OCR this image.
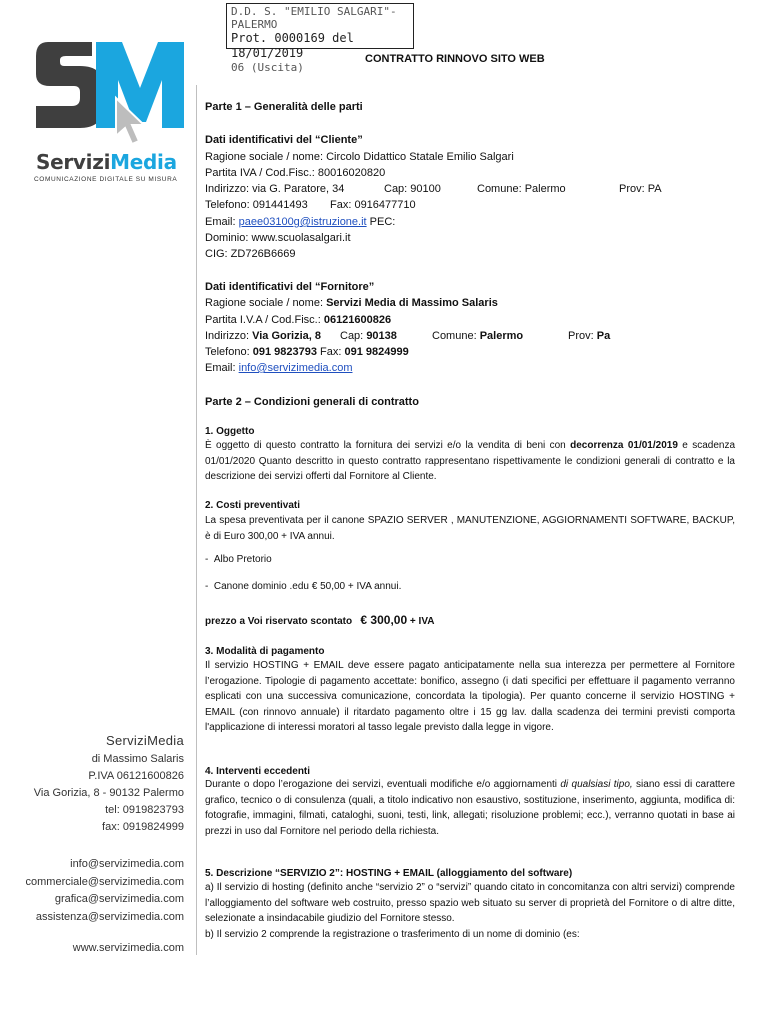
D.D. S. "EMILIO SALGARI"-PALERMO
Prot. 0000169 del 18/01/2019
06 (Uscita)
ServiziMedia
COMUNICAZIONE DIGITALE SU MISURA
ServiziMedia
di Massimo Salaris
P.IVA 06121600826
Via Gorizia, 8 - 90132 Palermo
tel: 0919823793
fax: 0919824999
info@servizimedia.com
commerciale@servizimedia.com
grafica@servizimedia.com
assistenza@servizimedia.com
www.servizimedia.com
CONTRATTO RINNOVO SITO WEB
Parte 1 – Generalità delle parti
Dati identificativi del “Cliente”
Ragione sociale / nome: Circolo Didattico Statale Emilio Salgari
Partita IVA / Cod.Fisc.: 80016020820
Indirizzo: via G. Paratore, 34	Cap: 90100	Comune: Palermo	Prov: PA
Telefono: 091441493 Fax: 0916477710
Email: paee03100g@istruzione.it PEC:
Dominio: www.scuolasalgari.it
CIG: ZD726B6669
Dati identificativi del “Fornitore”
Ragione sociale / nome: Servizi Media di Massimo Salaris
Partita I.V.A / Cod.Fisc.: 06121600826
Indirizzo: Via Gorizia, 8 Cap: 90138	Comune: Palermo	Prov: Pa
Telefono: 091 9823793 Fax: 091 9824999
Email: info@servizimedia.com
Parte 2 – Condizioni generali di contratto
1. Oggetto
È oggetto di questo contratto la fornitura dei servizi e/o la vendita di beni con decorrenza 01/01/2019 e scadenza 01/01/2020 Quanto descritto in questo contratto rappresentano rispettivamente le condizioni generali di contratto e la descrizione dei servizi offerti dal Fornitore al Cliente.
2. Costi preventivati
La spesa preventivata per il canone SPAZIO SERVER , MANUTENZIONE, AGGIORNAMENTI SOFTWARE, BACKUP, è di Euro 300,00 + IVA annui.
-  Albo Pretorio
-  Canone dominio .edu € 50,00 + IVA annui.
prezzo a Voi riservato scontato € 300,00 + IVA
3. Modalità di pagamento
Il servizio HOSTING + EMAIL deve essere pagato anticipatamente nella sua interezza per permettere al Fornitore l’erogazione. Tipologie di pagamento accettate: bonifico, assegno (i dati specifici per effettuare il pagamento verranno esplicati con una successiva comunicazione, concordata la tipologia). Per quanto concerne il servizio HOSTING + EMAIL (con rinnovo annuale) il ritardato pagamento oltre i 15 gg lav. dalla scadenza dei termini previsti comporta l'applicazione di interessi moratori al tasso legale previsto dalla legge in vigore.
4. Interventi eccedenti
Durante o dopo l’erogazione dei servizi, eventuali modifiche e/o aggiornamenti di qualsiasi tipo, siano essi di carattere grafico, tecnico o di consulenza (quali, a titolo indicativo non esaustivo, sostituzione, inserimento, aggiunta, modifica di: fotografie, immagini, filmati, cataloghi, suoni, testi, link, allegati; risoluzione problemi; ecc.), verranno quotati in base ai prezzi in uso dal Fornitore nel periodo della richiesta.
5. Descrizione “SERVIZIO 2”: HOSTING + EMAIL (alloggiamento del software)
a) Il servizio di hosting (definito anche “servizio 2” o “servizi” quando citato in concomitanza con altri servizi) comprende l’alloggiamento del software web costruito, presso spazio web situato su server di proprietà del Fornitore o di altre ditte, selezionate a insindacabile giudizio del Fornitore stesso.
b) Il servizio 2 comprende la registrazione o trasferimento di un nome di dominio (es:
